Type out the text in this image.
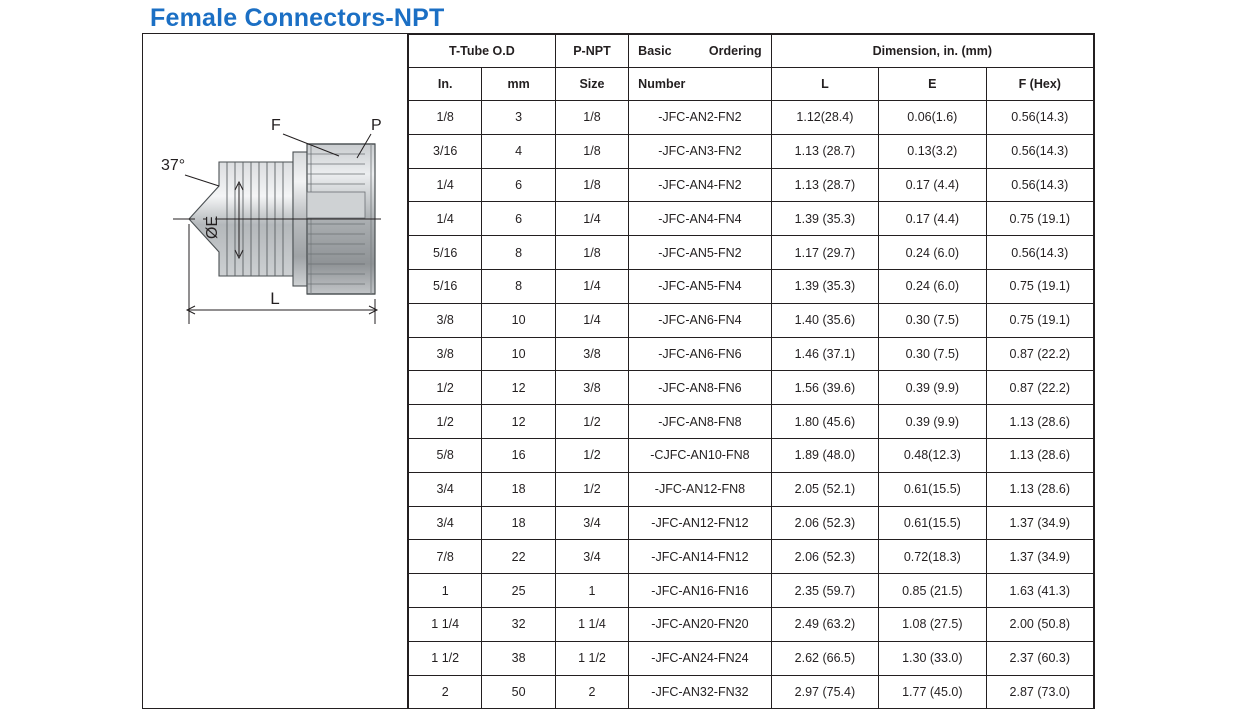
Female Connectors-NPT
37°
ØE
F	P
L
T-Tube O.D		P-NPT	Basic Ordering	Dimension, in. (mm)		
In.	mm	Size	Number	L	E	F (Hex)
1/8	3	1/8	-JFC-AN2-FN2	1.12(28.4)	0.06(1.6)	0.56(14.3)
3/16	4	1/8	-JFC-AN3-FN2	1.13 (28.7)	0.13(3.2)	0.56(14.3)
1/4	6	1/8	-JFC-AN4-FN2	1.13 (28.7)	0.17 (4.4)	0.56(14.3)
1/4	6	1/4	-JFC-AN4-FN4	1.39 (35.3)	0.17 (4.4)	0.75 (19.1)
5/16	8	1/8	-JFC-AN5-FN2	1.17 (29.7)	0.24 (6.0)	0.56(14.3)
5/16	8	1/4	-JFC-AN5-FN4	1.39 (35.3)	0.24 (6.0)	0.75 (19.1)
3/8	10	1/4	-JFC-AN6-FN4	1.40 (35.6)	0.30 (7.5)	0.75 (19.1)
3/8	10	3/8	-JFC-AN6-FN6	1.46 (37.1)	0.30 (7.5)	0.87 (22.2)
1/2	12	3/8	-JFC-AN8-FN6	1.56 (39.6)	0.39 (9.9)	0.87 (22.2)
1/2	12	1/2	-JFC-AN8-FN8	1.80 (45.6)	0.39 (9.9)	1.13 (28.6)
5/8	16	1/2	-CJFC-AN10-FN8	1.89 (48.0)	0.48(12.3)	1.13 (28.6)
3/4	18	1/2	-JFC-AN12-FN8	2.05 (52.1)	0.61(15.5)	1.13 (28.6)
3/4	18	3/4	-JFC-AN12-FN12	2.06 (52.3)	0.61(15.5)	1.37 (34.9)
7/8	22	3/4	-JFC-AN14-FN12	2.06 (52.3)	0.72(18.3)	1.37 (34.9)
1	25	1	-JFC-AN16-FN16	2.35 (59.7)	0.85 (21.5)	1.63 (41.3)
1 1/4	32	1 1/4	-JFC-AN20-FN20	2.49 (63.2)	1.08 (27.5)	2.00 (50.8)
1 1/2	38	1 1/2	-JFC-AN24-FN24	2.62 (66.5)	1.30 (33.0)	2.37 (60.3)
2	50	2	-JFC-AN32-FN32	2.97 (75.4)	1.77 (45.0)	2.87 (73.0)
